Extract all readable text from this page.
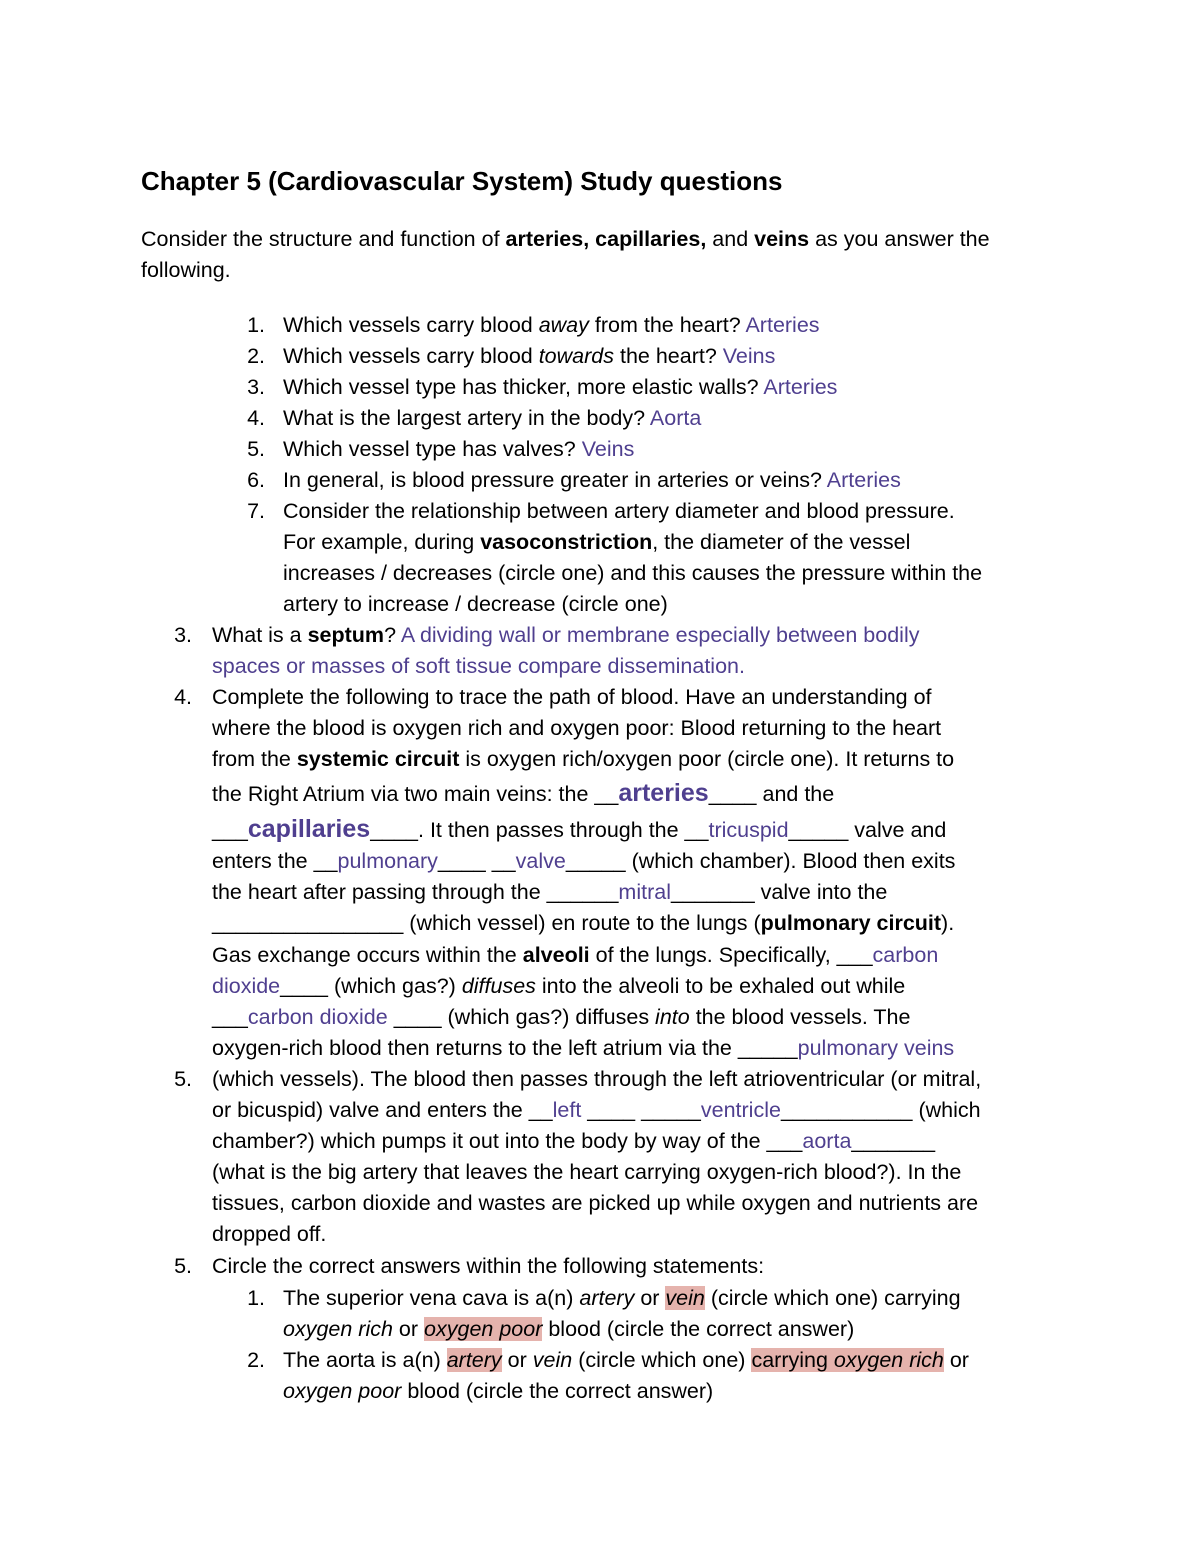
Chapter 5 (Cardiovascular System) Study questions
Consider the structure and function of arteries, capillaries, and veins as you answer the following.
1. Which vessels carry blood away from the heart? Arteries
2. Which vessels carry blood towards the heart? Veins
3. Which vessel type has thicker, more elastic walls? Arteries
4. What is the largest artery in the body? Aorta
5. Which vessel type has valves? Veins
6. In general, is blood pressure greater in arteries or veins? Arteries
7. Consider the relationship between artery diameter and blood pressure.
For example, during vasoconstriction, the diameter of the vessel
increases / decreases (circle one) and this causes the pressure within the
artery to increase / decrease (circle one)
3. What is a septum? A dividing wall or membrane especially between bodily
spaces or masses of soft tissue compare dissemination.
4. Complete the following to trace the path of blood. Have an understanding of
where the blood is oxygen rich and oxygen poor: Blood returning to the heart
from the systemic circuit is oxygen rich/oxygen poor (circle one). It returns to
the Right Atrium via two main veins: the __arteries____ and the
___capillaries____. It then passes through the __tricuspid_____ valve and
enters the __pulmonary____ __valve_____ (which chamber). Blood then exits
the heart after passing through the ______mitral_______ valve into the
________________ (which vessel) en route to the lungs (pulmonary circuit).
Gas exchange occurs within the alveoli of the lungs. Specifically, ___carbon
dioxide____ (which gas?) diffuses into the alveoli to be exhaled out while
___carbon dioxide ____ (which gas?) diffuses into the blood vessels. The
oxygen-rich blood then returns to the left atrium via the _____pulmonary veins
5. (which vessels). The blood then passes through the left atrioventricular (or mitral,
or bicuspid) valve and enters the __left ____ _____ventricle___________ (which
chamber?) which pumps it out into the body by way of the ___aorta_______
(what is the big artery that leaves the heart carrying oxygen-rich blood?). In the
tissues, carbon dioxide and wastes are picked up while oxygen and nutrients are
dropped off.
5. Circle the correct answers within the following statements:
1. The superior vena cava is a(n) artery or vein (circle which one) carrying
oxygen rich or oxygen poor blood (circle the correct answer)
2. The aorta is a(n) artery or vein (circle which one) carrying oxygen rich or
oxygen poor blood (circle the correct answer)
